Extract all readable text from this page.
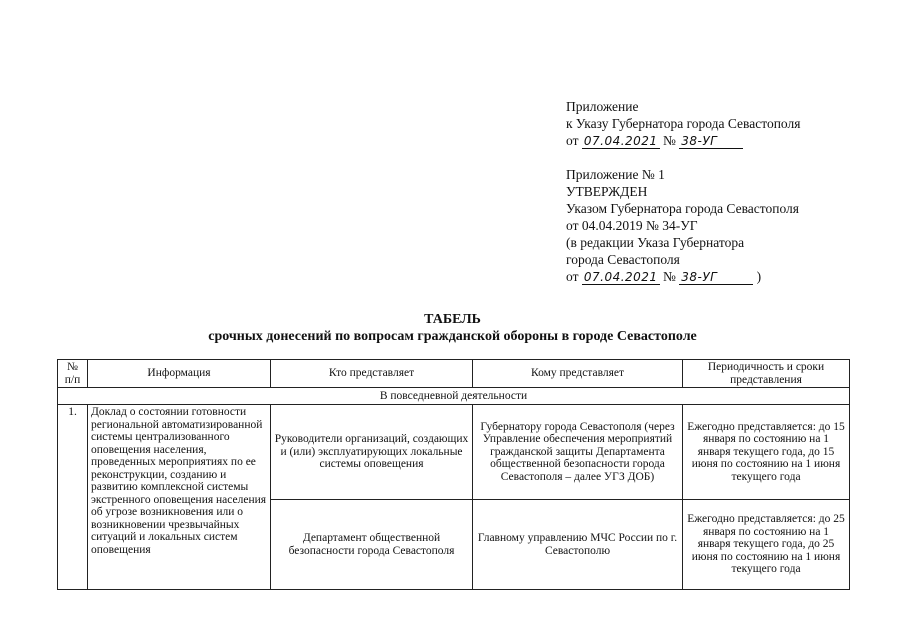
Приложение
к Указу Губернатора города Севастополя
от 07.04.2021 № 38-УГ
Приложение № 1
УТВЕРЖДЕН
Указом Губернатора города Севастополя
от 04.04.2019 № 34-УГ
(в редакции Указа Губернатора
города Севастополя
от 07.04.2021 № 38-УГ	)
ТАБЕЛЬ
срочных донесений по вопросам гражданской обороны в городе Севастополе
№ п/п	Информация	Кто представляет	Кому представляет	Периодичность и сроки представления
В повседневной деятельности				
1.	Доклад о состоянии готовности региональной автоматизированной системы централизованного оповещения населения, проведенных мероприятиях по ее реконструкции, созданию и развитию комплексной системы экстренного оповещения населения об угрозе возникновения или о возникновении чрезвычайных ситуаций и локальных систем оповещения	Руководители организаций, создающих и (или) эксплуатирующих локальные системы оповещения	Губернатору города Севастополя (через Управление обеспечения мероприятий гражданской защиты Департамента общественной безопасности города Севастополя – далее УГЗ ДОБ)	Ежегодно представляется: до 15 января по состоянию на 1 января текущего года, до 15 июня по состоянию на 1 июня текущего года
		Департамент общественной безопасности города Севастополя	Главному управлению МЧС России по г. Севастополю	Ежегодно представляется: до 25 января по состоянию на 1 января текущего года, до 25 июня по состоянию на 1 июня текущего года
